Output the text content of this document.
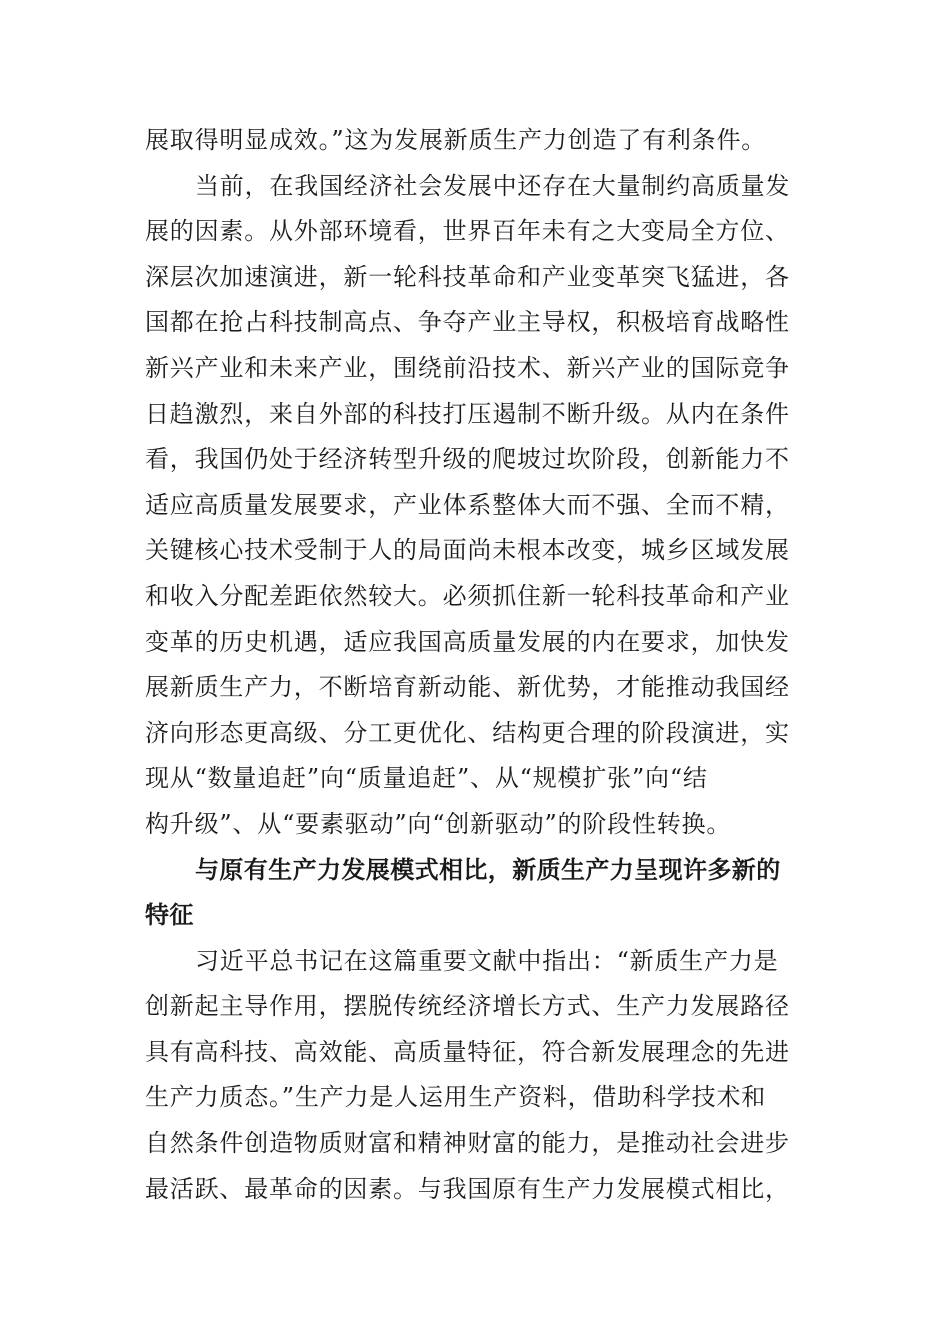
展取得明显成效。”这为发展新质生产力创造了有利条件。
当前，在我国经济社会发展中还存在大量制约高质量发
展的因素。从外部环境看，世界百年未有之大变局全方位、
深层次加速演进，新一轮科技革命和产业变革突飞猛进，各
国都在抢占科技制高点、争夺产业主导权，积极培育战略性
新兴产业和未来产业，围绕前沿技术、新兴产业的国际竞争
日趋激烈，来自外部的科技打压遏制不断升级。从内在条件
看，我国仍处于经济转型升级的爬坡过坎阶段，创新能力不
适应高质量发展要求，产业体系整体大而不强、全而不精，
关键核心技术受制于人的局面尚未根本改变，城乡区域发展
和收入分配差距依然较大。必须抓住新一轮科技革命和产业
变革的历史机遇，适应我国高质量发展的内在要求，加快发
展新质生产力，不断培育新动能、新优势，才能推动我国经
济向形态更高级、分工更优化、结构更合理的阶段演进，实
现从“数量追赶”向“质量追赶”、从“规模扩张”向“结
构升级”、从“要素驱动”向“创新驱动”的阶段性转换。
与原有生产力发展模式相比，新质生产力呈现许多新的
特征
习近平总书记在这篇重要文献中指出：“新质生产力是
创新起主导作用，摆脱传统经济增长方式、生产力发展路径
具有高科技、高效能、高质量特征，符合新发展理念的先进
生产力质态。”生产力是人运用生产资料，借助科学技术和
自然条件创造物质财富和精神财富的能力，是推动社会进步
最活跃、最革命的因素。与我国原有生产力发展模式相比，
